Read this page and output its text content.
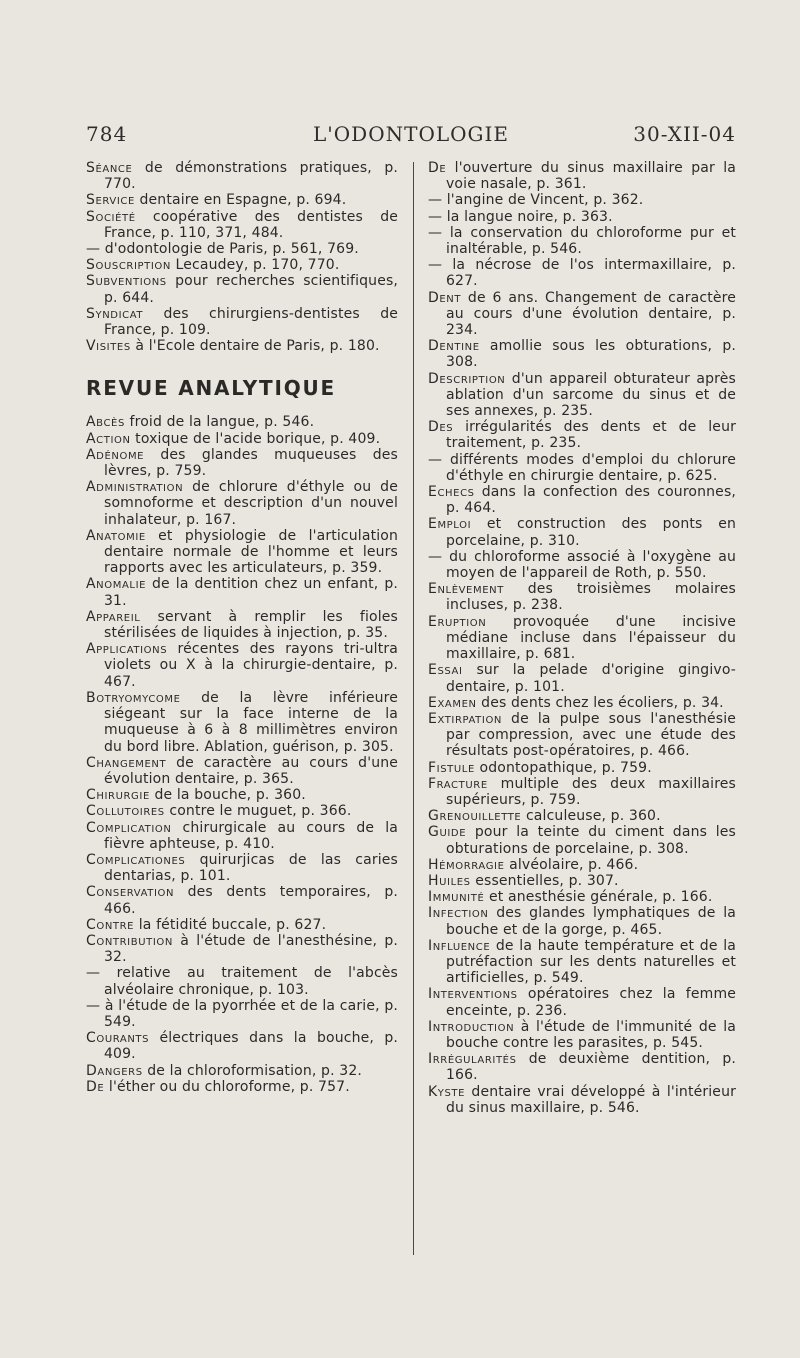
784	L'ODONTOLOGIE	30-XII-04

Séance de démonstrations pratiques, p. 770.

Service dentaire en Espagne, p. 694.

Société coopérative des dentistes de France, p. 110, 371, 484.

— d'odontologie de Paris, p. 561, 769.

Souscription Lecaudey, p. 170, 770.

Subventions pour recherches scientifiques, p. 644.

Syndicat des chirurgiens-dentistes de France, p. 109.

Visites à l'Ecole dentaire de Paris, p. 180.

REVUE ANALYTIQUE

Abcès froid de la langue, p. 546.

Action toxique de l'acide borique, p. 409.

Adénome des glandes muqueuses des lèvres, p. 759.

Administration de chlorure d'éthyle ou de somnoforme et description d'un nouvel inhalateur, p. 167.

Anatomie et physiologie de l'articulation dentaire normale de l'homme et leurs rapports avec les articulateurs, p. 359.

Anomalie de la dentition chez un enfant, p. 31.

Appareil servant à remplir les fioles stérilisées de liquides à injection, p. 35.

Applications récentes des rayons tri-ultra violets ou X à la chirurgie-dentaire, p. 467.

Botryomycome de la lèvre inférieure siégeant sur la face interne de la muqueuse à 6 à 8 millimètres environ du bord libre. Ablation, guérison, p. 305.

Changement de caractère au cours d'une évolution dentaire, p. 365.

Chirurgie de la bouche, p. 360.

Collutoires contre le muguet, p. 366.

Complication chirurgicale au cours de la fièvre aphteuse, p. 410.

Complicationes quirurjicas de las caries dentarias, p. 101.

Conservation des dents temporaires, p. 466.

Contre la fétidité buccale, p. 627.

Contribution à l'étude de l'anesthésine, p. 32.

— relative au traitement de l'abcès alvéolaire chronique, p. 103.

— à l'étude de la pyorrhée et de la carie, p. 549.

Courants électriques dans la bouche, p. 409.

Dangers de la chloroformisation, p. 32.

De l'éther ou du chloroforme, p. 757.

De l'ouverture du sinus maxillaire par la voie nasale, p. 361.

— l'angine de Vincent, p. 362.

— la langue noire, p. 363.

— la conservation du chloroforme pur et inaltérable, p. 546.

— la nécrose de l'os intermaxillaire, p. 627.

Dent de 6 ans. Changement de caractère au cours d'une évolution dentaire, p. 234.

Dentine amollie sous les obturations, p. 308.

Description d'un appareil obturateur après ablation d'un sarcome du sinus et de ses annexes, p. 235.

Des irrégularités des dents et de leur traitement, p. 235.

— différents modes d'emploi du chlorure d'éthyle en chirurgie dentaire, p. 625.

Echecs dans la confection des couronnes, p. 464.

Emploi et construction des ponts en porcelaine, p. 310.

— du chloroforme associé à l'oxygène au moyen de l'appareil de Roth, p. 550.

Enlèvement des troisièmes molaires incluses, p. 238.

Eruption provoquée d'une incisive médiane incluse dans l'épaisseur du maxillaire, p. 681.

Essai sur la pelade d'origine gingivo-dentaire, p. 101.

Examen des dents chez les écoliers, p. 34.

Extirpation de la pulpe sous l'anesthésie par compression, avec une étude des résultats post-opératoires, p. 466.

Fistule odontopathique, p. 759.

Fracture multiple des deux maxillaires supérieurs, p. 759.

Grenouillette calculeuse, p. 360.

Guide pour la teinte du ciment dans les obturations de porcelaine, p. 308.

Hémorragie alvéolaire, p. 466.

Huiles essentielles, p. 307.

Immunité et anesthésie générale, p. 166.

Infection des glandes lymphatiques de la bouche et de la gorge, p. 465.

Influence de la haute température et de la putréfaction sur les dents naturelles et artificielles, p. 549.

Interventions opératoires chez la femme enceinte, p. 236.

Introduction à l'étude de l'immunité de la bouche contre les parasites, p. 545.

Irrégularités de deuxième dentition, p. 166.

Kyste dentaire vrai développé à l'intérieur du sinus maxillaire, p. 546.
